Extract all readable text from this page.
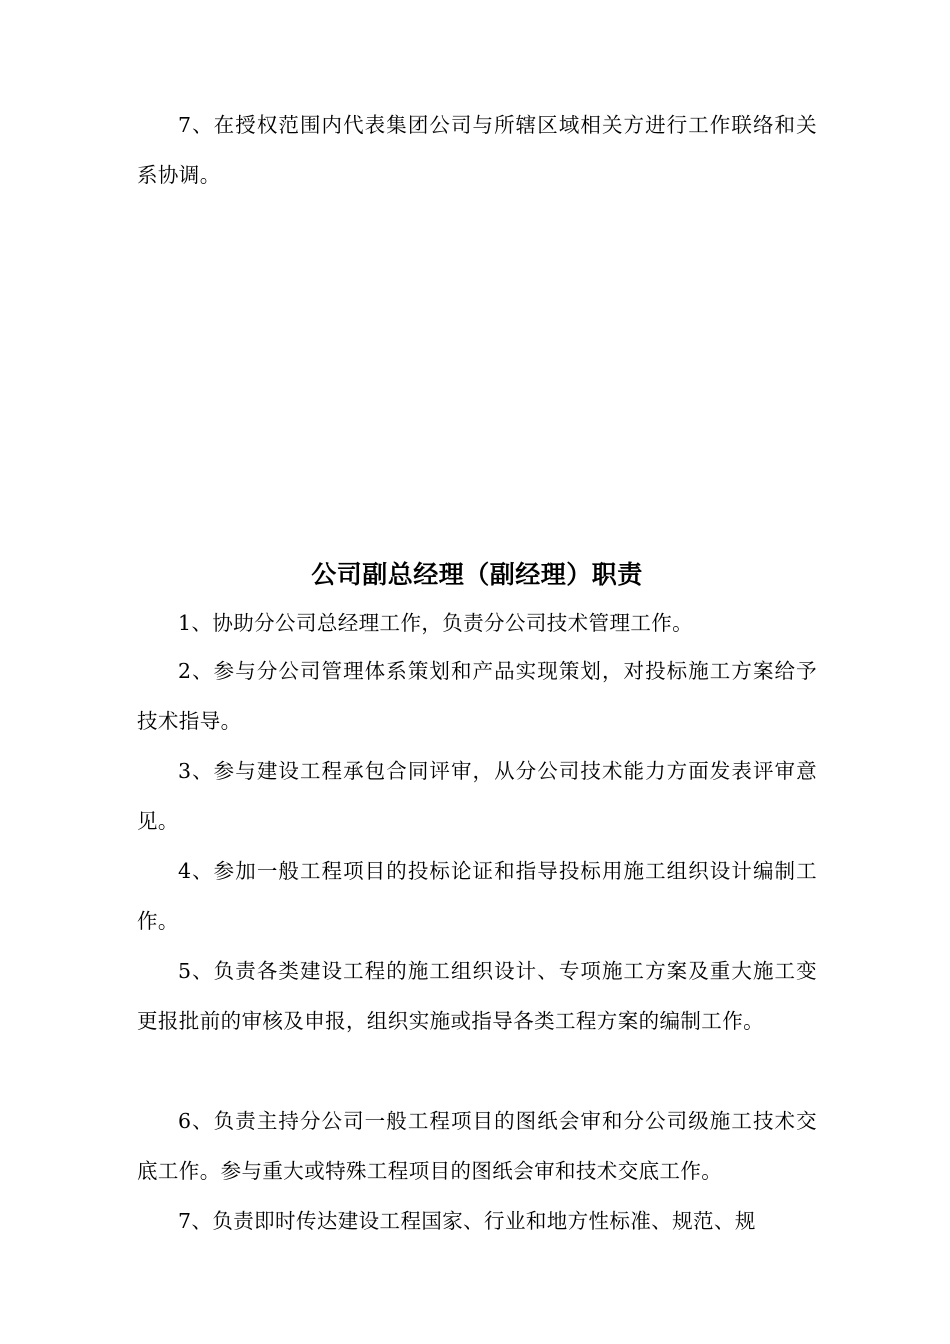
7、在授权范围内代表集团公司与所辖区域相关方进行工作联络和关系协调。

公司副总经理（副经理）职责

1、协助分公司总经理工作，负责分公司技术管理工作。

2、参与分公司管理体系策划和产品实现策划，对投标施工方案给予技术指导。

3、参与建设工程承包合同评审，从分公司技术能力方面发表评审意见。

4、参加一般工程项目的投标论证和指导投标用施工组织设计编制工作。

5、负责各类建设工程的施工组织设计、专项施工方案及重大施工变更报批前的审核及申报，组织实施或指导各类工程方案的编制工作。

6、负责主持分公司一般工程项目的图纸会审和分公司级施工技术交底工作。参与重大或特殊工程项目的图纸会审和技术交底工作。

7、负责即时传达建设工程国家、行业和地方性标准、规范、规
